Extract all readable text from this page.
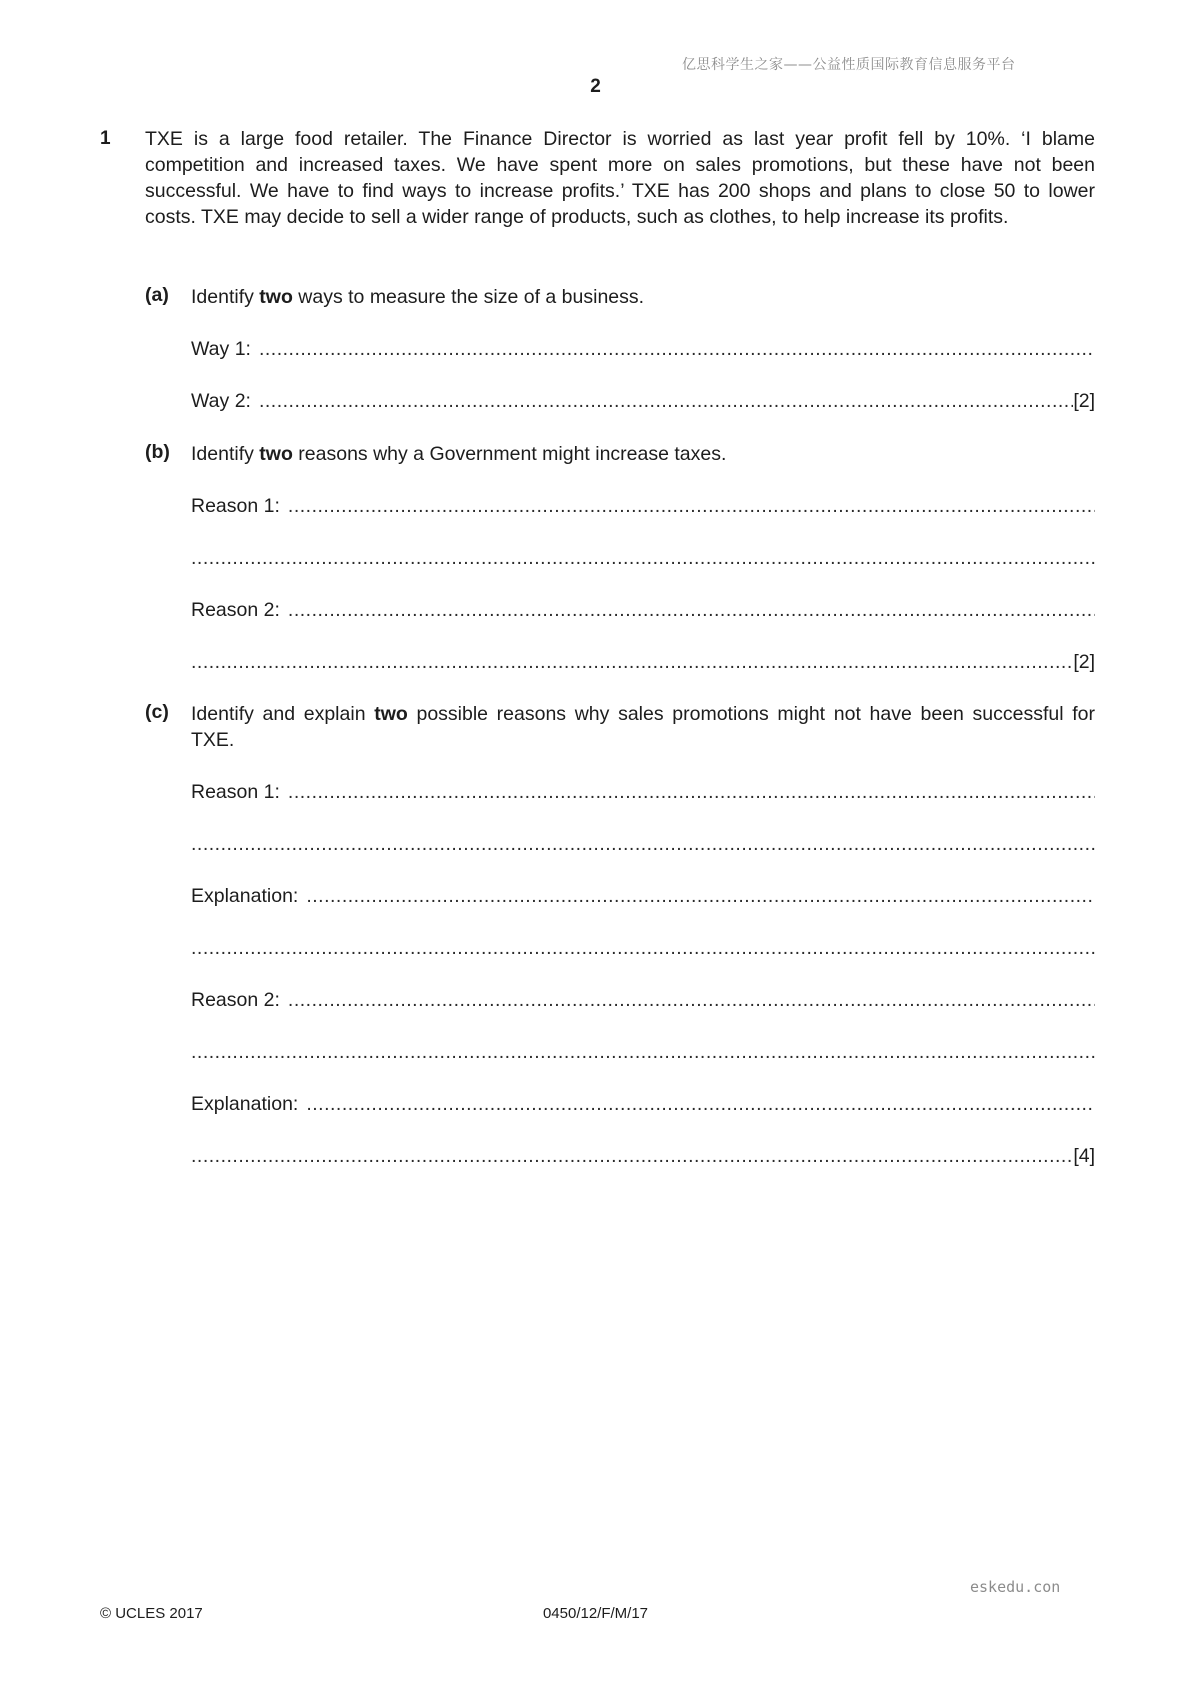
亿思科学生之家——公益性质国际教育信息服务平台
2
1 TXE is a large food retailer. The Finance Director is worried as last year profit fell by 10%. ‘I blame competition and increased taxes. We have spent more on sales promotions, but these have not been successful. We have to find ways to increase profits.’ TXE has 200 shops and plans to close 50 to lower costs. TXE may decide to sell a wider range of products, such as clothes, to help increase its profits.
(a) Identify two ways to measure the size of a business.
Way 1:
.....
Way 2:
.....	[2]
(b) Identify two reasons why a Government might increase taxes.
Reason 1:
.....
.....
Reason 2:
.....
.....
[2]
(c) Identify and explain two possible reasons why sales promotions might not have been successful for TXE.
Reason 1:
.....
.....
Explanation:
.....
.....
Reason 2:
.....
.....
Explanation:
.....
.....
[4]
eskedu.con
© UCLES 2017	0450/12/F/M/17
